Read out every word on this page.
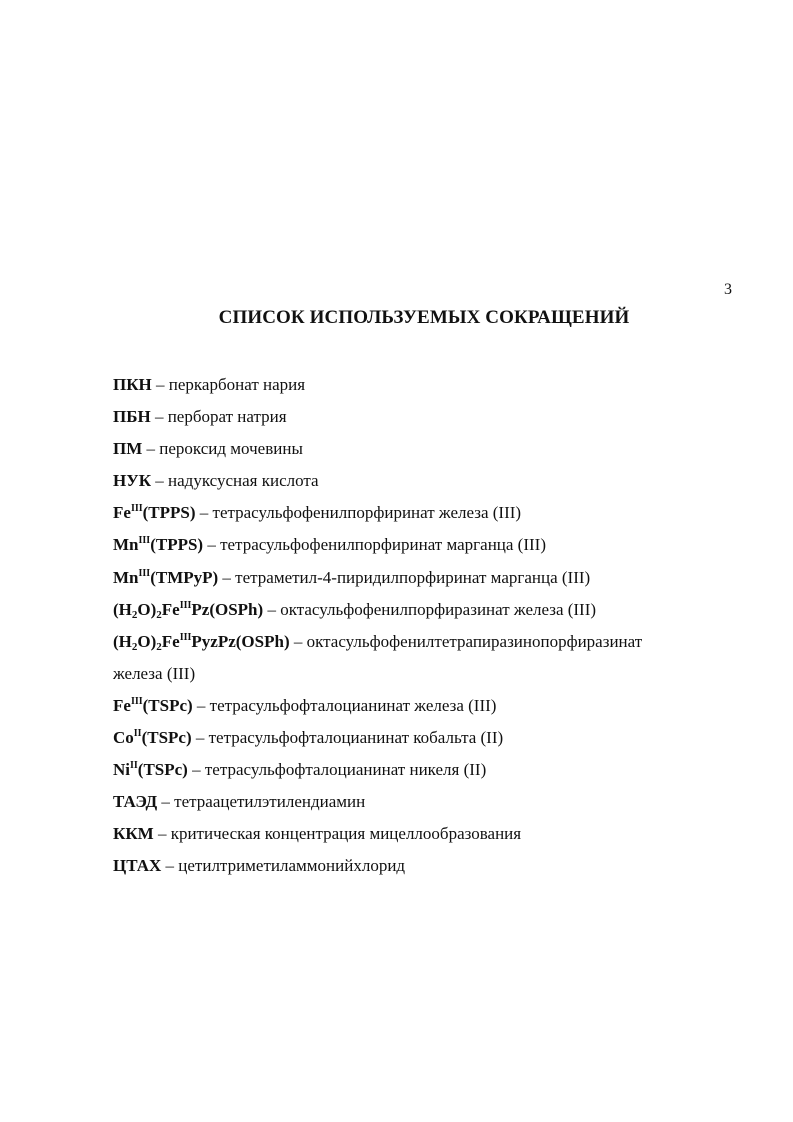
3
СПИСОК ИСПОЛЬЗУЕМЫХ СОКРАЩЕНИЙ
ПКН – перкарбонат нария
ПБН – перборат натрия
ПМ – пероксид мочевины
НУК – надуксусная кислота
$Fe^{III}(TPPS)$ – тетрасульфофенилпорфиринат железа (III)
$Mn^{III}(TPPS)$ – тетрасульфофенилпорфиринат марганца (III)
$Mn^{III}(TMPyP)$ – тетраметил-4-пиридилпорфиринат марганца (III)
$(H_2O)_2Fe^{III}Pz(OSPh)$ – октасульфофенилпорфиразинат железа (III)
$(H_2O)_2Fe^{III}PyzPz(OSPh)$ – октасульфофенилтетрапиразинопорфиразинат
железа (III)
$Fe^{III}(TSPc)$ – тетрасульфофталоцианинат железа (III)
$Co^{II}(TSPc)$ – тетрасульфофталоцианинат кобальта (II)
$Ni^{II}(TSPc)$ – тетрасульфофталоцианинат никеля (II)
ТАЭД – тетраацетилэтилендиамин
ККМ – критическая концентрация мицеллообразования
ЦТАХ – цетилтриметиламмонийхлорид
